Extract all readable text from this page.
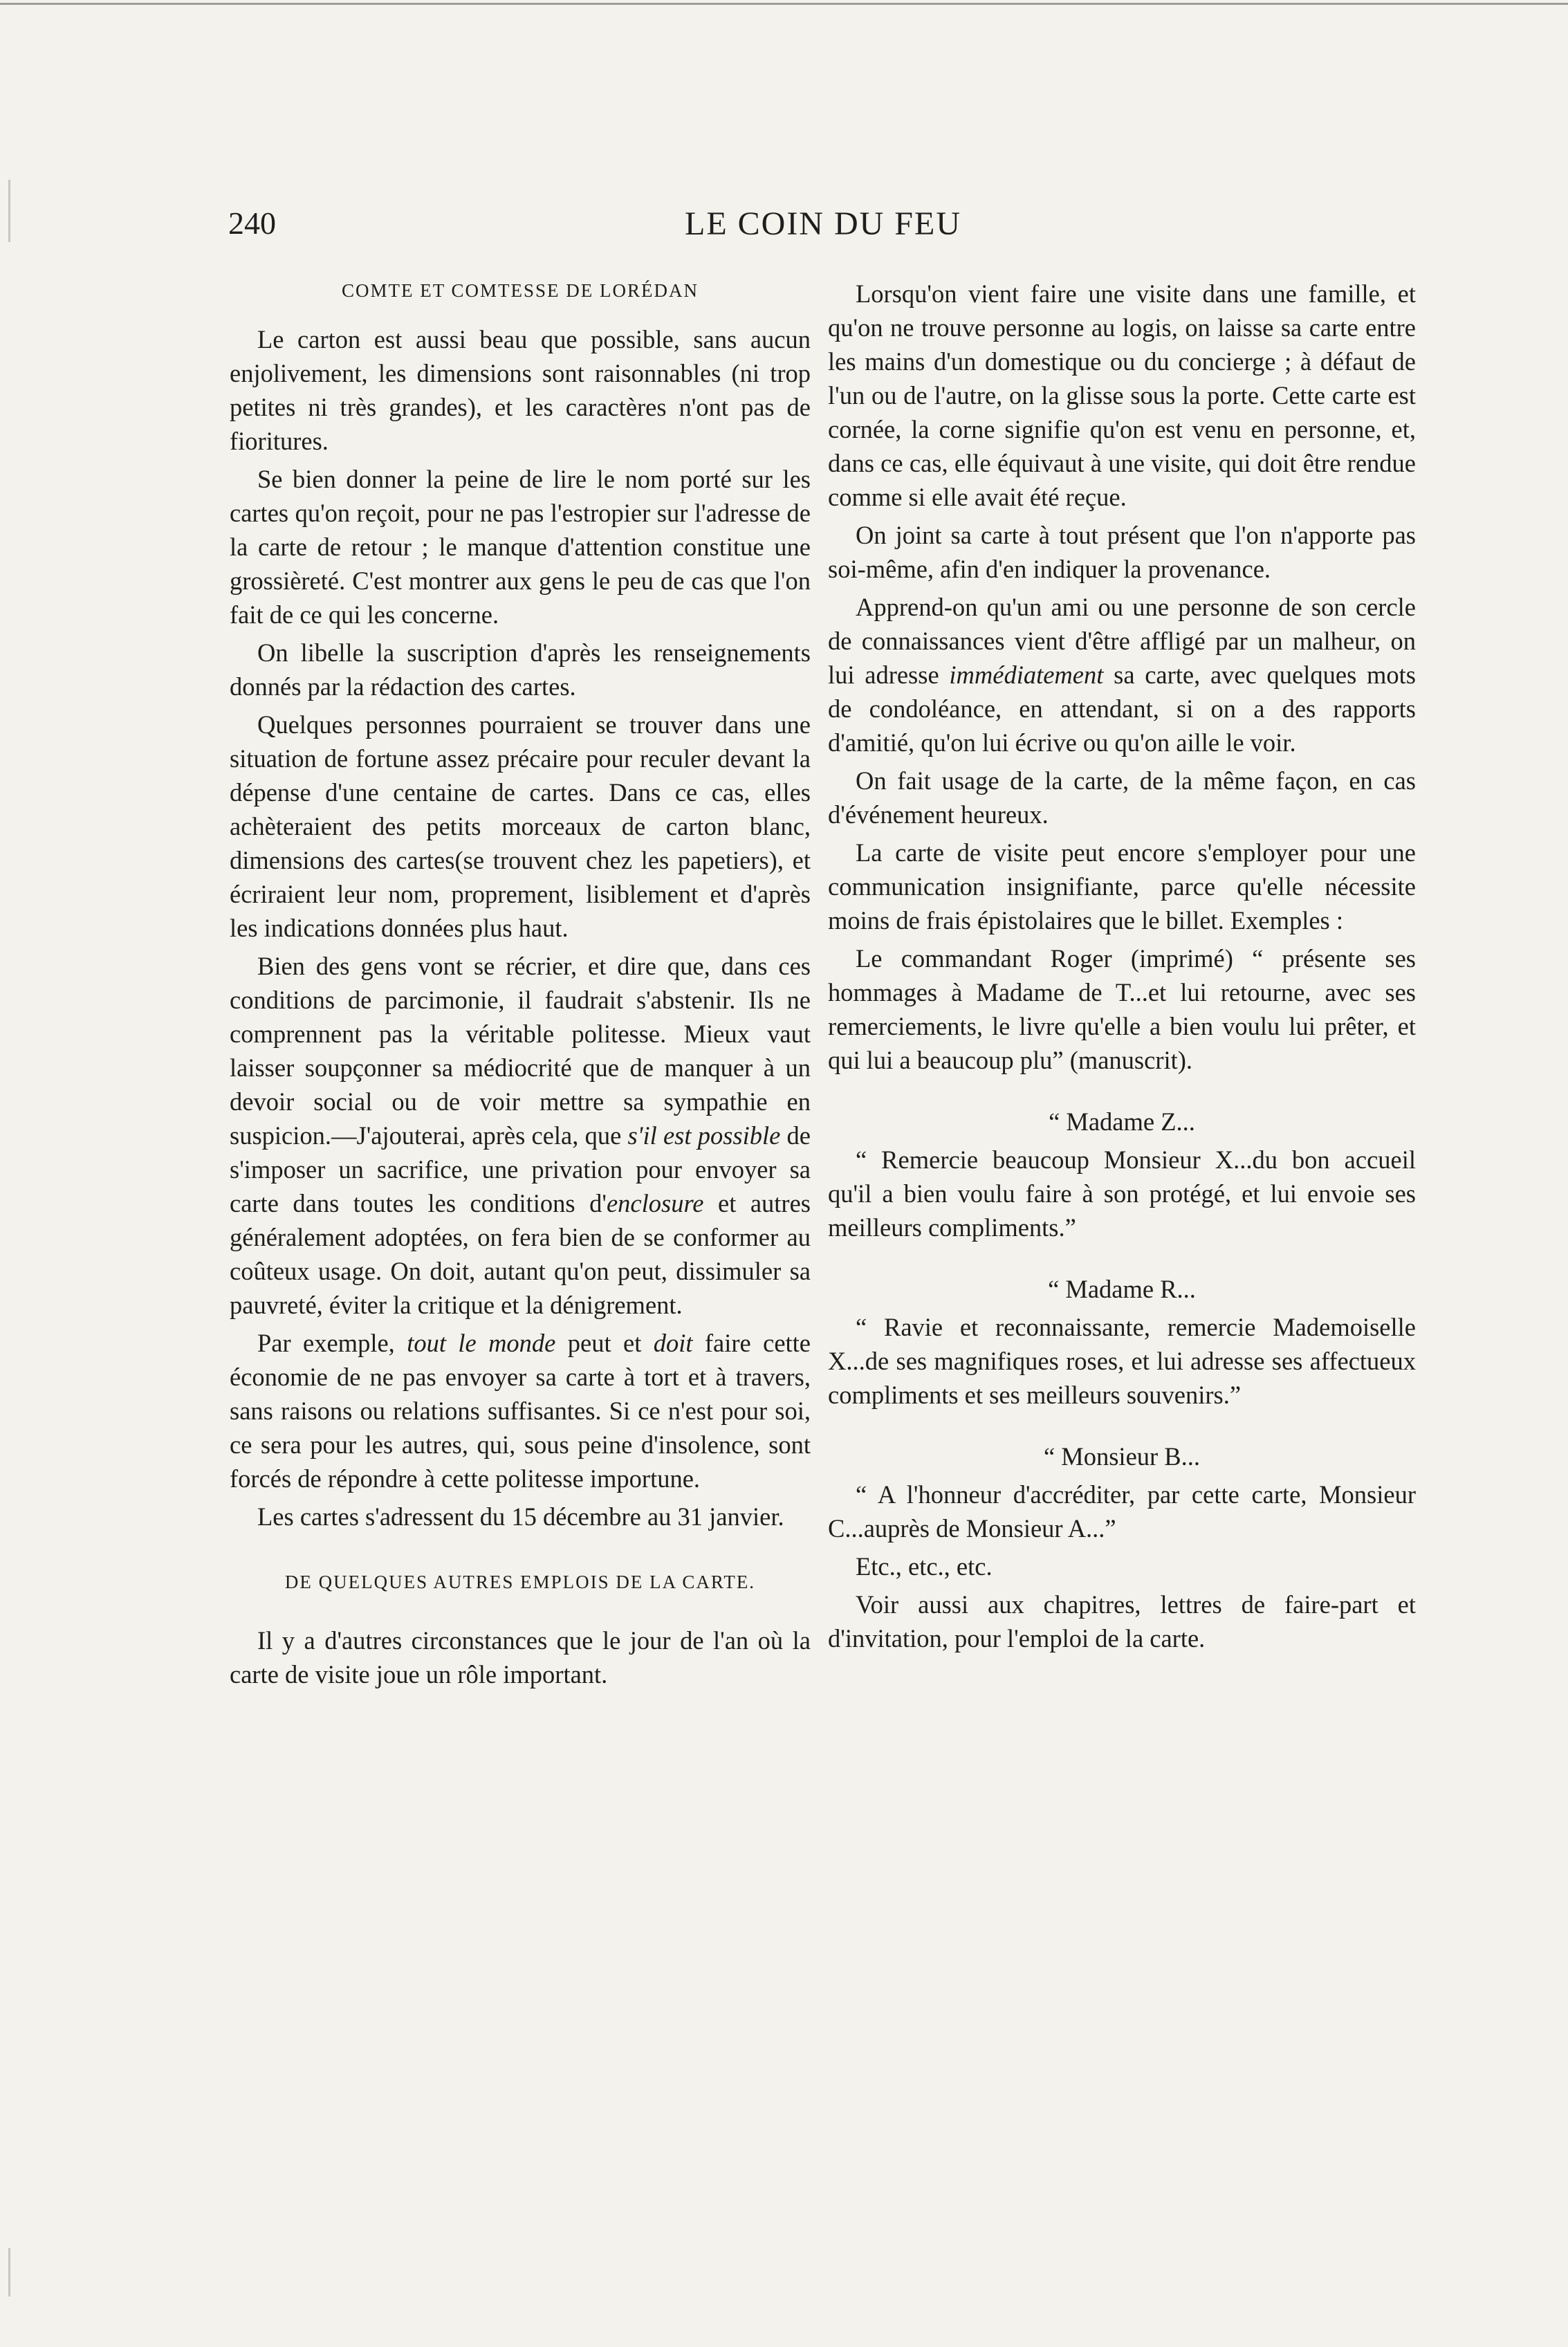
240	LE COIN DU FEU
COMTE ET COMTESSE DE LORÉDAN

Le carton est aussi beau que possible, sans aucun enjolivement, les dimensions sont raisonnables (ni trop petites ni très grandes), et les caractères n'ont pas de fioritures.

Se bien donner la peine de lire le nom porté sur les cartes qu'on reçoit, pour ne pas l'estropier sur l'adresse de la carte de retour ; le manque d'attention constitue une grossièreté. C'est montrer aux gens le peu de cas que l'on fait de ce qui les concerne.

On libelle la suscription d'après les renseignements donnés par la rédaction des cartes.

Quelques personnes pourraient se trouver dans une situation de fortune assez précaire pour reculer devant la dépense d'une centaine de cartes. Dans ce cas, elles achèteraient des petits morceaux de carton blanc, dimensions des cartes(se trouvent chez les papetiers), et écriraient leur nom, proprement, lisiblement et d'après les indications données plus haut.

Bien des gens vont se récrier, et dire que, dans ces conditions de parcimonie, il faudrait s'abstenir. Ils ne comprennent pas la véritable politesse. Mieux vaut laisser soupçonner sa médiocrité que de manquer à un devoir social ou de voir mettre sa sympathie en suspicion.—J'ajouterai, après cela, que s'il est possible de s'imposer un sacrifice, une privation pour envoyer sa carte dans toutes les conditions d'enclosure et autres généralement adoptées, on fera bien de se conformer au coûteux usage. On doit, autant qu'on peut, dissimuler sa pauvreté, éviter la critique et la dénigrement.

Par exemple, tout le monde peut et doit faire cette économie de ne pas envoyer sa carte à tort et à travers, sans raisons ou relations suffisantes. Si ce n'est pour soi, ce sera pour les autres, qui, sous peine d'insolence, sont forcés de répondre à cette politesse importune.

Les cartes s'adressent du 15 décembre au 31 janvier.

DE QUELQUES AUTRES EMPLOIS DE LA CARTE.

Il y a d'autres circonstances que le jour de l'an où la carte de visite joue un rôle important.

Lorsqu'on vient faire une visite dans une famille, et qu'on ne trouve personne au logis, on laisse sa carte entre les mains d'un domestique ou du concierge ; à défaut de l'un ou de l'autre, on la glisse sous la porte. Cette carte est cornée, la corne signifie qu'on est venu en personne, et, dans ce cas, elle équivaut à une visite, qui doit être rendue comme si elle avait été reçue.

On joint sa carte à tout présent que l'on n'apporte pas soi-même, afin d'en indiquer la provenance.

Apprend-on qu'un ami ou une personne de son cercle de connaissances vient d'être affligé par un malheur, on lui adresse immédiatement sa carte, avec quelques mots de condoléance, en attendant, si on a des rapports d'amitié, qu'on lui écrive ou qu'on aille le voir.

On fait usage de la carte, de la même façon, en cas d'événement heureux.

La carte de visite peut encore s'employer pour une communication insignifiante, parce qu'elle nécessite moins de frais épistolaires que le billet. Exemples :

Le commandant Roger (imprimé) “ présente ses hommages à Madame de T...et lui retourne, avec ses remerciements, le livre qu'elle a bien voulu lui prêter, et qui lui a beaucoup plu” (manuscrit).

“ Madame Z...

“ Remercie beaucoup Monsieur X...du bon accueil qu'il a bien voulu faire à son protégé, et lui envoie ses meilleurs compliments.”

“ Madame R...

“ Ravie et reconnaissante, remercie Mademoiselle X...de ses magnifiques roses, et lui adresse ses affectueux compliments et ses meilleurs souvenirs.”

“ Monsieur B...

“ A l'honneur d'accréditer, par cette carte, Monsieur C...auprès de Monsieur A...”

Etc., etc., etc.

Voir aussi aux chapitres, lettres de faire-part et d'invitation, pour l'emploi de la carte.
